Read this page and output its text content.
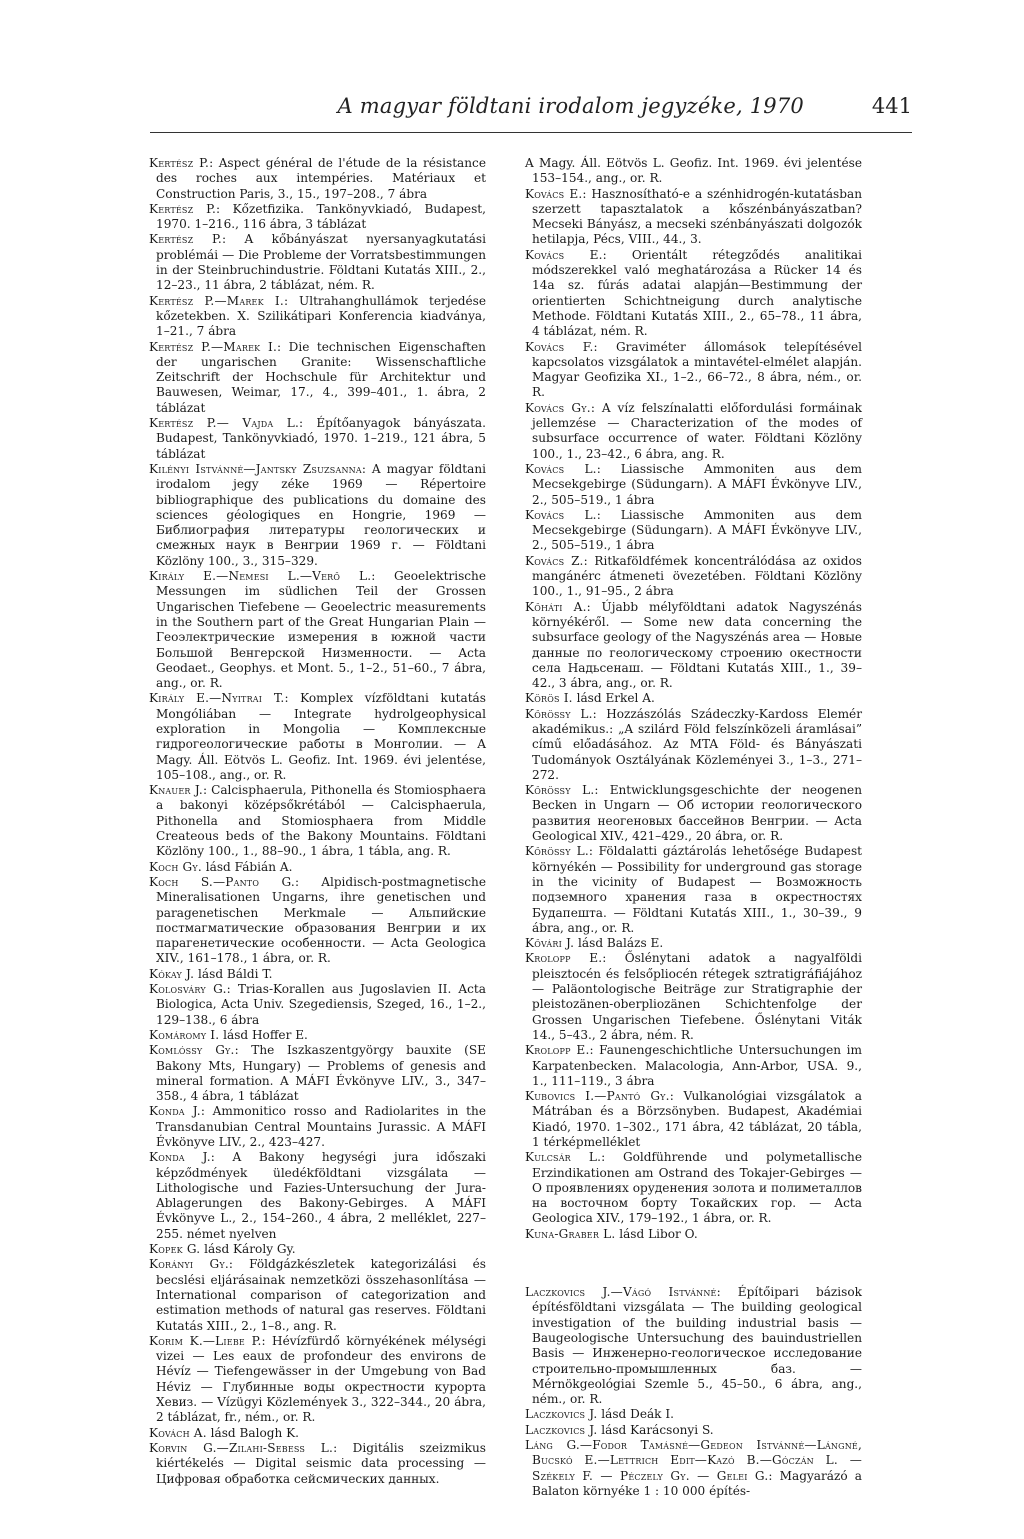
A magyar földtani irodalom jegyzéke, 1970	441

Kertész P.: Aspect général de l'étude de la résistance des roches aux intempéries. Matériaux et Construction Paris, 3., 15., 197–208., 7 ábra

Kertész P.: Kőzetfizika. Tankönyvkiadó, Budapest, 1970. 1–216., 116 ábra, 3 táblázat

Kertész P.: A kőbányászat nyersanyagkutatási problémái — Die Probleme der Vorratsbestimmungen in der Steinbruchindustrie. Földtani Kutatás XIII., 2., 12–23., 11 ábra, 2 táblázat, ném. R.

Kertész P.—Marek I.: Ultrahanghullámok terjedése kőzetekben. X. Szilikátipari Konferencia kiadványa, 1–21., 7 ábra

Kertész P.—Marek I.: Die technischen Eigenschaften der ungarischen Granite: Wissenschaftliche Zeitschrift der Hochschule für Architektur und Bauwesen, Weimar, 17., 4., 399–401., 1. ábra, 2 táblázat

Kertész P.— Vajda L.: Építőanyagok bányászata. Budapest, Tankönyvkiadó, 1970. 1–219., 121 ábra, 5 táblázat

Kilényi Istvánné—Jantsky Zsuzsanna: A magyar földtani irodalom jegy zéke 1969 — Répertoire bibliographique des publications du domaine des sciences géologiques en Hongrie, 1969 — Библиография литературы геологических и смежных наук в Венгрии 1969 г. — Földtani Közlöny 100., 3., 315–329.

Király E.—Nemesi L.—Verő L.: Geoelektrische Messungen im südlichen Teil der Grossen Ungarischen Tiefebene — Geoelectric measurements in the Southern part of the Great Hungarian Plain — Геоэлектрические измерения в южной части Большой Венгерской Низменности. — Acta Geodaet., Geophys. et Mont. 5., 1–2., 51–60., 7 ábra, ang., or. R.

Király E.—Nyitrai T.: Komplex vízföldtani kutatás Mongóliában — Integrate hydrolgeophysical exploration in Mongolia — Комплексные гидрогеологические работы в Монголии. — A Magy. Áll. Eötvös L. Geofiz. Int. 1969. évi jelentése, 105–108., ang., or. R.

Knauer J.: Calcisphaerula, Pithonella és Stomiosphaera a bakonyi középsőkrétából — Calcisphaerula, Pithonella and Stomiosphaera from Middle Createous beds of the Bakony Mountains. Földtani Közlöny 100., 1., 88–90., 1 ábra, 1 tábla, ang. R.

Koch Gy. lásd Fábián A.

Koch S.—Panto G.: Alpidisch-postmagnetische Mineralisationen Ungarns, ihre genetischen und paragenetischen Merkmale — Альпийские постмагматические образования Венгрии и их парагенетические особенности. — Acta Geologica XIV., 161–178., 1 ábra, or. R.

Kókay J. lásd Báldi T.

Kolosváry G.: Trias-Korallen aus Jugoslavien II. Acta Biologica, Acta Univ. Szegediensis, Szeged, 16., 1–2., 129–138., 6 ábra

Komáromy I. lásd Hoffer E.

Komlóssy Gy.: The Iszkaszentgyörgy bauxite (SE Bakony Mts, Hungary) — Problems of genesis and mineral formation. A MÁFI Évkönyve LIV., 3., 347–358., 4 ábra, 1 táblázat

Konda J.: Ammonitico rosso and Radiolarites in the Transdanubian Central Mountains Jurassic. A MÁFI Évkönyve LIV., 2., 423–427.

Konda J.: A Bakony hegységi jura időszaki képződmények üledékföldtani vizsgálata — Lithologische und Fazies-Untersuchung der Jura-Ablagerungen des Bakony-Gebirges. A MÁFI Évkönyve L., 2., 154–260., 4 ábra, 2 melléklet, 227–255. német nyelven

Kopek G. lásd Károly Gy.

Korányi Gy.: Földgázkészletek kategorizálási és becslési eljárásainak nemzetközi összehasonlítása — International comparison of categorization and estimation methods of natural gas reserves. Földtani Kutatás XIII., 2., 1–8., ang. R.

Korim K.—Liebe P.: Hévízfürdő környékének mélységi vizei — Les eaux de profondeur des environs de Hévíz — Tiefengewässer in der Umgebung von Bad Héviz — Глубинные воды окрестности курорта Хевиз. — Vízügyi Közlemények 3., 322–344., 20 ábra, 2 táblázat, fr., ném., or. R.

Kovách A. lásd Balogh K.

Korvin G.—Zilahi-Sebess L.: Digitális szeizmikus kiértékelés — Digital seismic data processing — Цифровая обработка сейсмических данных.

A Magy. Áll. Eötvös L. Geofiz. Int. 1969. évi jelentése 153–154., ang., or. R.

Kovács E.: Hasznosítható-e a szénhidrogén-kutatásban szerzett tapasztalatok a kőszénbányászatban? Mecseki Bányász, a mecseki szénbányászati dolgozók hetilapja, Pécs, VIII., 44., 3.

Kovács E.: Orientált rétegződés analitikai módszerekkel való meghatározása a Rücker 14 és 14a sz. fúrás adatai alapján—Bestimmung der orientierten Schichtneigung durch analytische Methode. Földtani Kutatás XIII., 2., 65–78., 11 ábra, 4 táblázat, ném. R.

Kovács F.: Graviméter állomások telepítésével kapcsolatos vizsgálatok a mintavétel-elmélet alapján. Magyar Geofizika XI., 1–2., 66–72., 8 ábra, ném., or. R.

Kovács Gy.: A víz felszínalatti előfordulási formáinak jellemzése — Characterization of the modes of subsurface occurrence of water. Földtani Közlöny 100., 1., 23–42., 6 ábra, ang. R.

Kovács L.: Liassische Ammoniten aus dem Mecsekgebirge (Südungarn). A MÁFI Évkönyve LIV., 2., 505–519., 1 ábra

Kovács L.: Liassische Ammoniten aus dem Mecsekgebirge (Südungarn). A MÁFI Évkönyve LIV., 2., 505–519., 1 ábra

Kovács Z.: Ritkaföldfémek koncentrálódása az oxidos mangánérc átmeneti övezetében. Földtani Közlöny 100., 1., 91–95., 2 ábra

Kőháti A.: Újabb mélyföldtani adatok Nagyszénás környékéről. — Some new data concerning the subsurface geology of the Nagyszénás area — Новые данные по геологическому строению окестности села Надьсенаш. — Földtani Kutatás XIII., 1., 39–42., 3 ábra, ang., or. R.

Körös I. lásd Erkel A.

Kőrössy L.: Hozzászólás Szádeczky-Kardoss Elemér akadémikus.: „A szilárd Föld felszínközeli áramlásai” című előadásához. Az MTA Föld- és Bányászati Tudományok Osztályának Közleményei 3., 1–3., 271–272.

Kőrössy L.: Entwicklungsgeschichte der neogenen Becken in Ungarn — Об истории геологического развития неогеновых бассейнов Венгрии. — Acta Geological XIV., 421–429., 20 ábra, or. R.

Kőrössy L.: Földalatti gáztárolás lehetősége Budapest környékén — Possibility for underground gas storage in the vicinity of Budapest — Возможность подземного хранения газа в окрестностях Будапешта. — Földtani Kutatás XIII., 1., 30–39., 9 ábra, ang., or. R.

Kővári J. lásd Balázs E.

Krolopp E.: Őslénytani adatok a nagyalföldi pleisztocén és felsőpliocén rétegek sztratigráfiájához — Paläontologische Beiträge zur Stratigraphie der pleistozänen-oberpliozänen Schichtenfolge der Grossen Ungarischen Tiefebene. Őslénytani Viták 14., 5–43., 2 ábra, ném. R.

Krolopp E.: Faunengeschichtliche Untersuchungen im Karpatenbecken. Malacologia, Ann-Arbor, USA. 9., 1., 111–119., 3 ábra

Kubovics I.—Pantó Gy.: Vulkanológiai vizsgálatok a Mátrában és a Börzsönyben. Budapest, Akadémiai Kiadó, 1970. 1–302., 171 ábra, 42 táblázat, 20 tábla, 1 térképmelléklet

Kulcsár L.: Goldführende und polymetallische Erzindikationen am Ostrand des Tokajer-Gebirges — О проявлениях оруденения золота и полиметаллов на восточном борту Токайских гор. — Acta Geologica XIV., 179–192., 1 ábra, or. R.

Kuna-Graber L. lásd Libor O.

Laczkovics J.—Vágó Istvánné: Építőipari bázisok építésföldtani vizsgálata — The building geological investigation of the building industrial basis — Baugeologische Untersuchung des bauindustriellen Basis — Инженерно-геологическое исследование строительно-промышленных баз. — Mérnökgeológiai Szemle 5., 45–50., 6 ábra, ang., ném., or. R.

Laczkovics J. lásd Deák I.

Laczkovics J. lásd Karácsonyi S.

Láng G.—Fodor Tamásné—Gedeon Istvánné—Lángné, Bucskó E.—Lettrich Edit—Kazó B.—Góczán L. — Székely F. — Péczely Gy. — Gelei G.: Magyarázó a Balaton környéke 1 : 10 000 építés-
